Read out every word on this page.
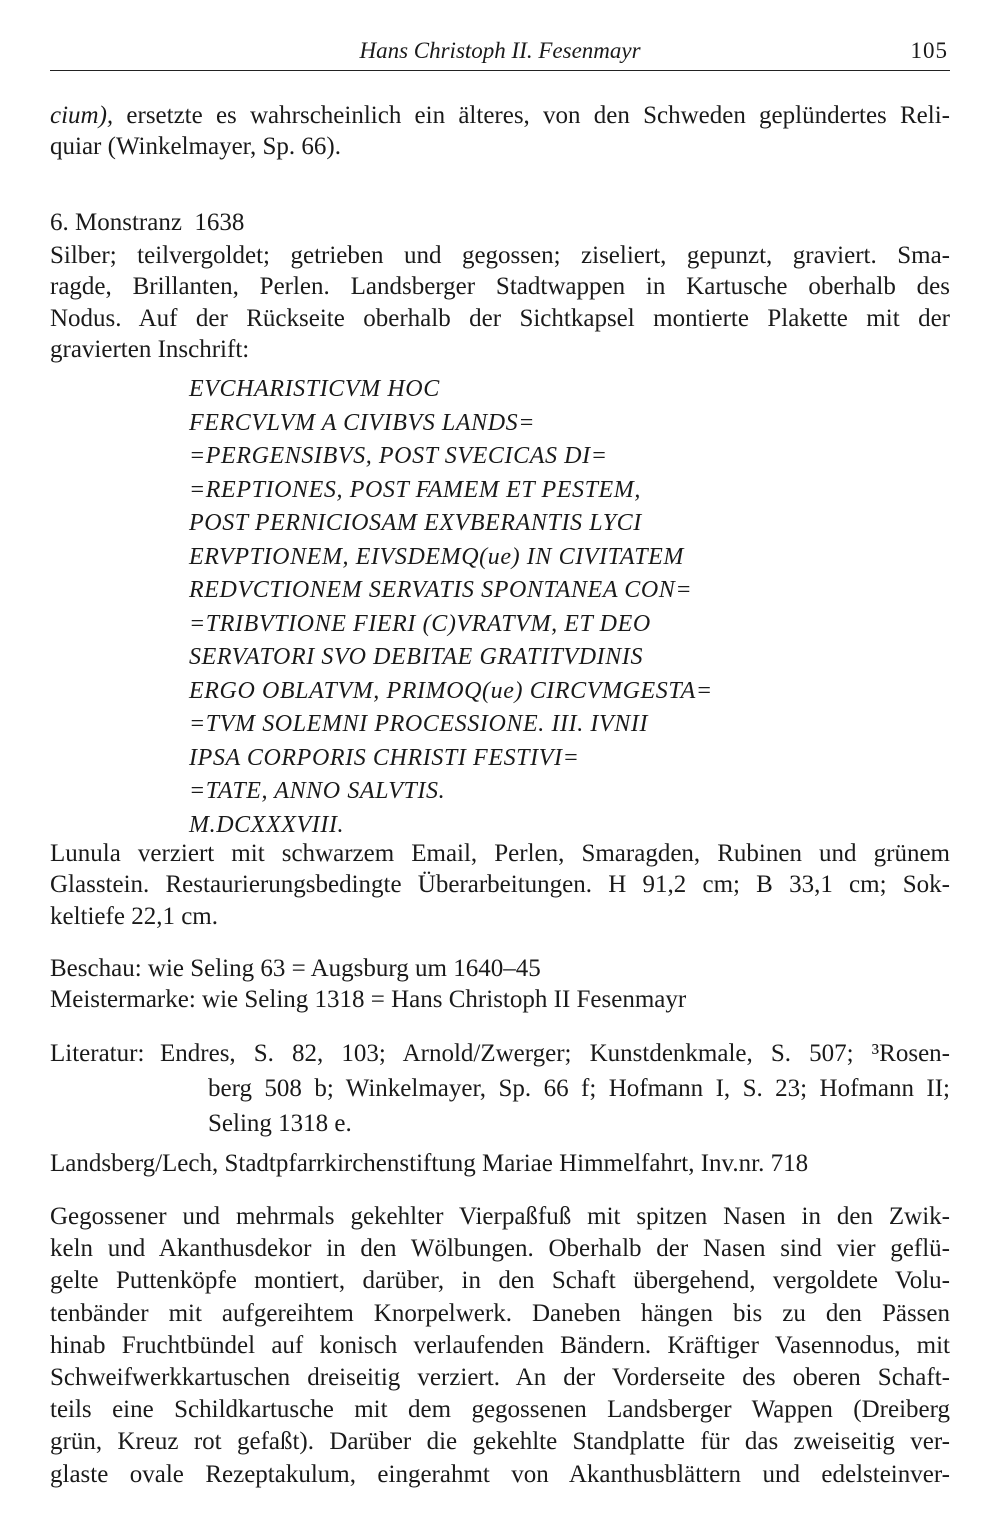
Hans Christoph II. Fesenmayr	105
cium), ersetzte es wahrscheinlich ein älteres, von den Schweden geplündertes Reli-
quiar (Winkelmayer, Sp. 66).
6. Monstranz  1638
Silber; teilvergoldet; getrieben und gegossen; ziseliert, gepunzt, graviert. Sma-
ragde, Brillanten, Perlen. Landsberger Stadtwappen in Kartusche oberhalb des
Nodus. Auf der Rückseite oberhalb der Sichtkapsel montierte Plakette mit der
gravierten Inschrift:
EVCHARISTICVM HOC
FERCVLVM A CIVIBVS LANDS=
=PERGENSIBVS, POST SVECICAS DI=
=REPTIONES, POST FAMEM ET PESTEM,
POST PERNICIOSAM EXVBERANTIS LYCI
ERVPTIONEM, EIVSDEMQ(ue) IN CIVITATEM
REDVCTIONEM SERVATIS SPONTANEA CON=
=TRIBVTIONE FIERI (C)VRATVM, ET DEO
SERVATORI SVO DEBITAE GRATITVDINIS
ERGO OBLATVM, PRIMOQ(ue) CIRCVMGESTA=
=TVM SOLEMNI PROCESSIONE. III. IVNII
IPSA CORPORIS CHRISTI FESTIVI=
=TATE, ANNO SALVTIS.
M.DCXXXVIII.
Lunula verziert mit schwarzem Email, Perlen, Smaragden, Rubinen und grünem
Glasstein. Restaurierungsbedingte Überarbeitungen. H 91,2 cm; B 33,1 cm; Sok-
keltiefe 22,1 cm.
Beschau: wie Seling 63 = Augsburg um 1640–45
Meistermarke: wie Seling 1318 = Hans Christoph II Fesenmayr
Literatur: Endres, S. 82, 103; Arnold/Zwerger; Kunstdenkmale, S. 507; ³Rosen-
berg 508 b; Winkelmayer, Sp. 66 f; Hofmann I, S. 23; Hofmann II;
Seling 1318 e.
Landsberg/Lech, Stadtpfarrkirchenstiftung Mariae Himmelfahrt, Inv.nr. 718
Gegossener und mehrmals gekehlter Vierpaßfuß mit spitzen Nasen in den Zwik-
keln und Akanthusdekor in den Wölbungen. Oberhalb der Nasen sind vier geflü-
gelte Puttenköpfe montiert, darüber, in den Schaft übergehend, vergoldete Volu-
tenbänder mit aufgereihtem Knorpelwerk. Daneben hängen bis zu den Pässen
hinab Fruchtbündel auf konisch verlaufenden Bändern. Kräftiger Vasennodus, mit
Schweifwerkkartuschen dreiseitig verziert. An der Vorderseite des oberen Schaft-
teils eine Schildkartusche mit dem gegossenen Landsberger Wappen (Dreiberg
grün, Kreuz rot gefaßt). Darüber die gekehlte Standplatte für das zweiseitig ver-
glaste ovale Rezeptakulum, eingerahmt von Akanthusblättern und edelsteinver-
